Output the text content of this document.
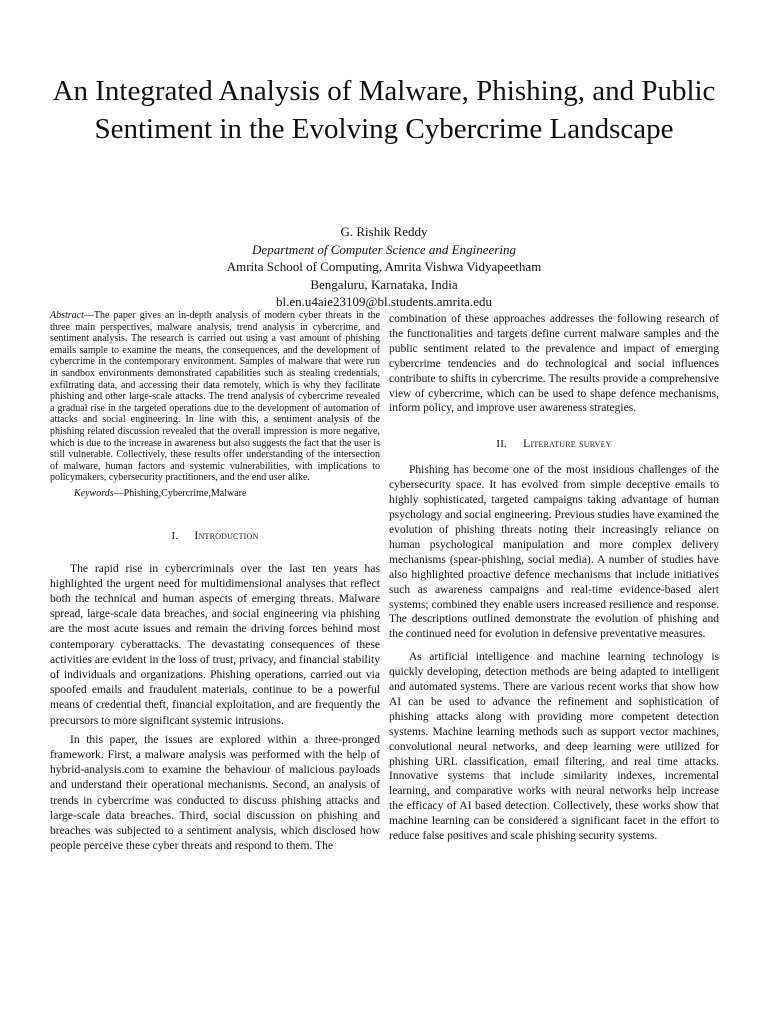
An Integrated Analysis of Malware, Phishing, and Public Sentiment in the Evolving Cybercrime Landscape
G. Rishik Reddy
Department of Computer Science and Engineering
Amrita School of Computing, Amrita Vishwa Vidyapeetham
Bengaluru, Karnataka, India
bl.en.u4aie23109@bl.students.amrita.edu

Abstract—The paper gives an in-depth analysis of modern cyber threats in the three main perspectives, malware analysis, trend analysis in cybercrime, and sentiment analysis. The research is carried out using a vast amount of phishing emails sample to examine the means, the consequences, and the development of cybercrime in the contemporary environment. Samples of malware that were run in sandbox environments demonstrated capabilities such as stealing credentials, exfiltrating data, and accessing their data remotely, which is why they facilitate phishing and other large-scale attacks. The trend analysis of cybercrime revealed a gradual rise in the targeted operations due to the development of automation of attacks and social engineering. In line with this, a sentiment analysis of the phishing related discussion revealed that the overall impression is more negative, which is due to the increase in awareness but also suggests the fact that the user is still vulnerable. Collectively, these results offer understanding of the intersection of malware, human factors and systemic vulnerabilities, with implications to policymakers, cybersecurity practitioners, and the end user alike.

Keywords—Phishing,Cybercrime,Malware

I. Introduction

The rapid rise in cybercriminals over the last ten years has highlighted the urgent need for multidimensional analyses that reflect both the technical and human aspects of emerging threats. Malware spread, large-scale data breaches, and social engineering via phishing are the most acute issues and remain the driving forces behind most contemporary cyberattacks. The devastating consequences of these activities are evident in the loss of trust, privacy, and financial stability of individuals and organizations. Phishing operations, carried out via spoofed emails and fraudulent materials, continue to be a powerful means of credential theft, financial exploitation, and are frequently the precursors to more significant systemic intrusions.

In this paper, the issues are explored within a three-pronged framework. First, a malware analysis was performed with the help of hybrid-analysis.com to examine the behaviour of malicious payloads and understand their operational mechanisms. Second, an analysis of trends in cybercrime was conducted to discuss phishing attacks and large-scale data breaches. Third, social discussion on phishing and breaches was subjected to a sentiment analysis, which disclosed how people perceive these cyber threats and respond to them. The

combination of these approaches addresses the following research of the functionalities and targets define current malware samples and the public sentiment related to the prevalence and impact of emerging cybercrime tendencies and do technological and social influences contribute to shifts in cybercrime. The results provide a comprehensive view of cybercrime, which can be used to shape defence mechanisms, inform policy, and improve user awareness strategies.

II. Literature survey

Phishing has become one of the most insidious challenges of the cybersecurity space. It has evolved from simple deceptive emails to highly sophisticated, targeted campaigns taking advantage of human psychology and social engineering. Previous studies have examined the evolution of phishing threats noting their increasingly reliance on human psychological manipulation and more complex delivery mechanisms (spear-phishing, social media). A number of studies have also highlighted proactive defence mechanisms that include initiatives such as awareness campaigns and real-time evidence-based alert systems; combined they enable users increased resilience and response. The descriptions outlined demonstrate the evolution of phishing and the continued need for evolution in defensive preventative measures.

As artificial intelligence and machine learning technology is quickly developing, detection methods are being adapted to intelligent and automated systems. There are various recent works that show how AI can be used to advance the refinement and sophistication of phishing attacks along with providing more competent detection systems. Machine learning methods such as support vector machines, convolutional neural networks, and deep learning were utilized for phishing URL classification, email filtering, and real time attacks. Innovative systems that include similarity indexes, incremental learning, and comparative works with neural networks help increase the efficacy of AI based detection. Collectively, these works show that machine learning can be considered a significant facet in the effort to reduce false positives and scale phishing security systems.
